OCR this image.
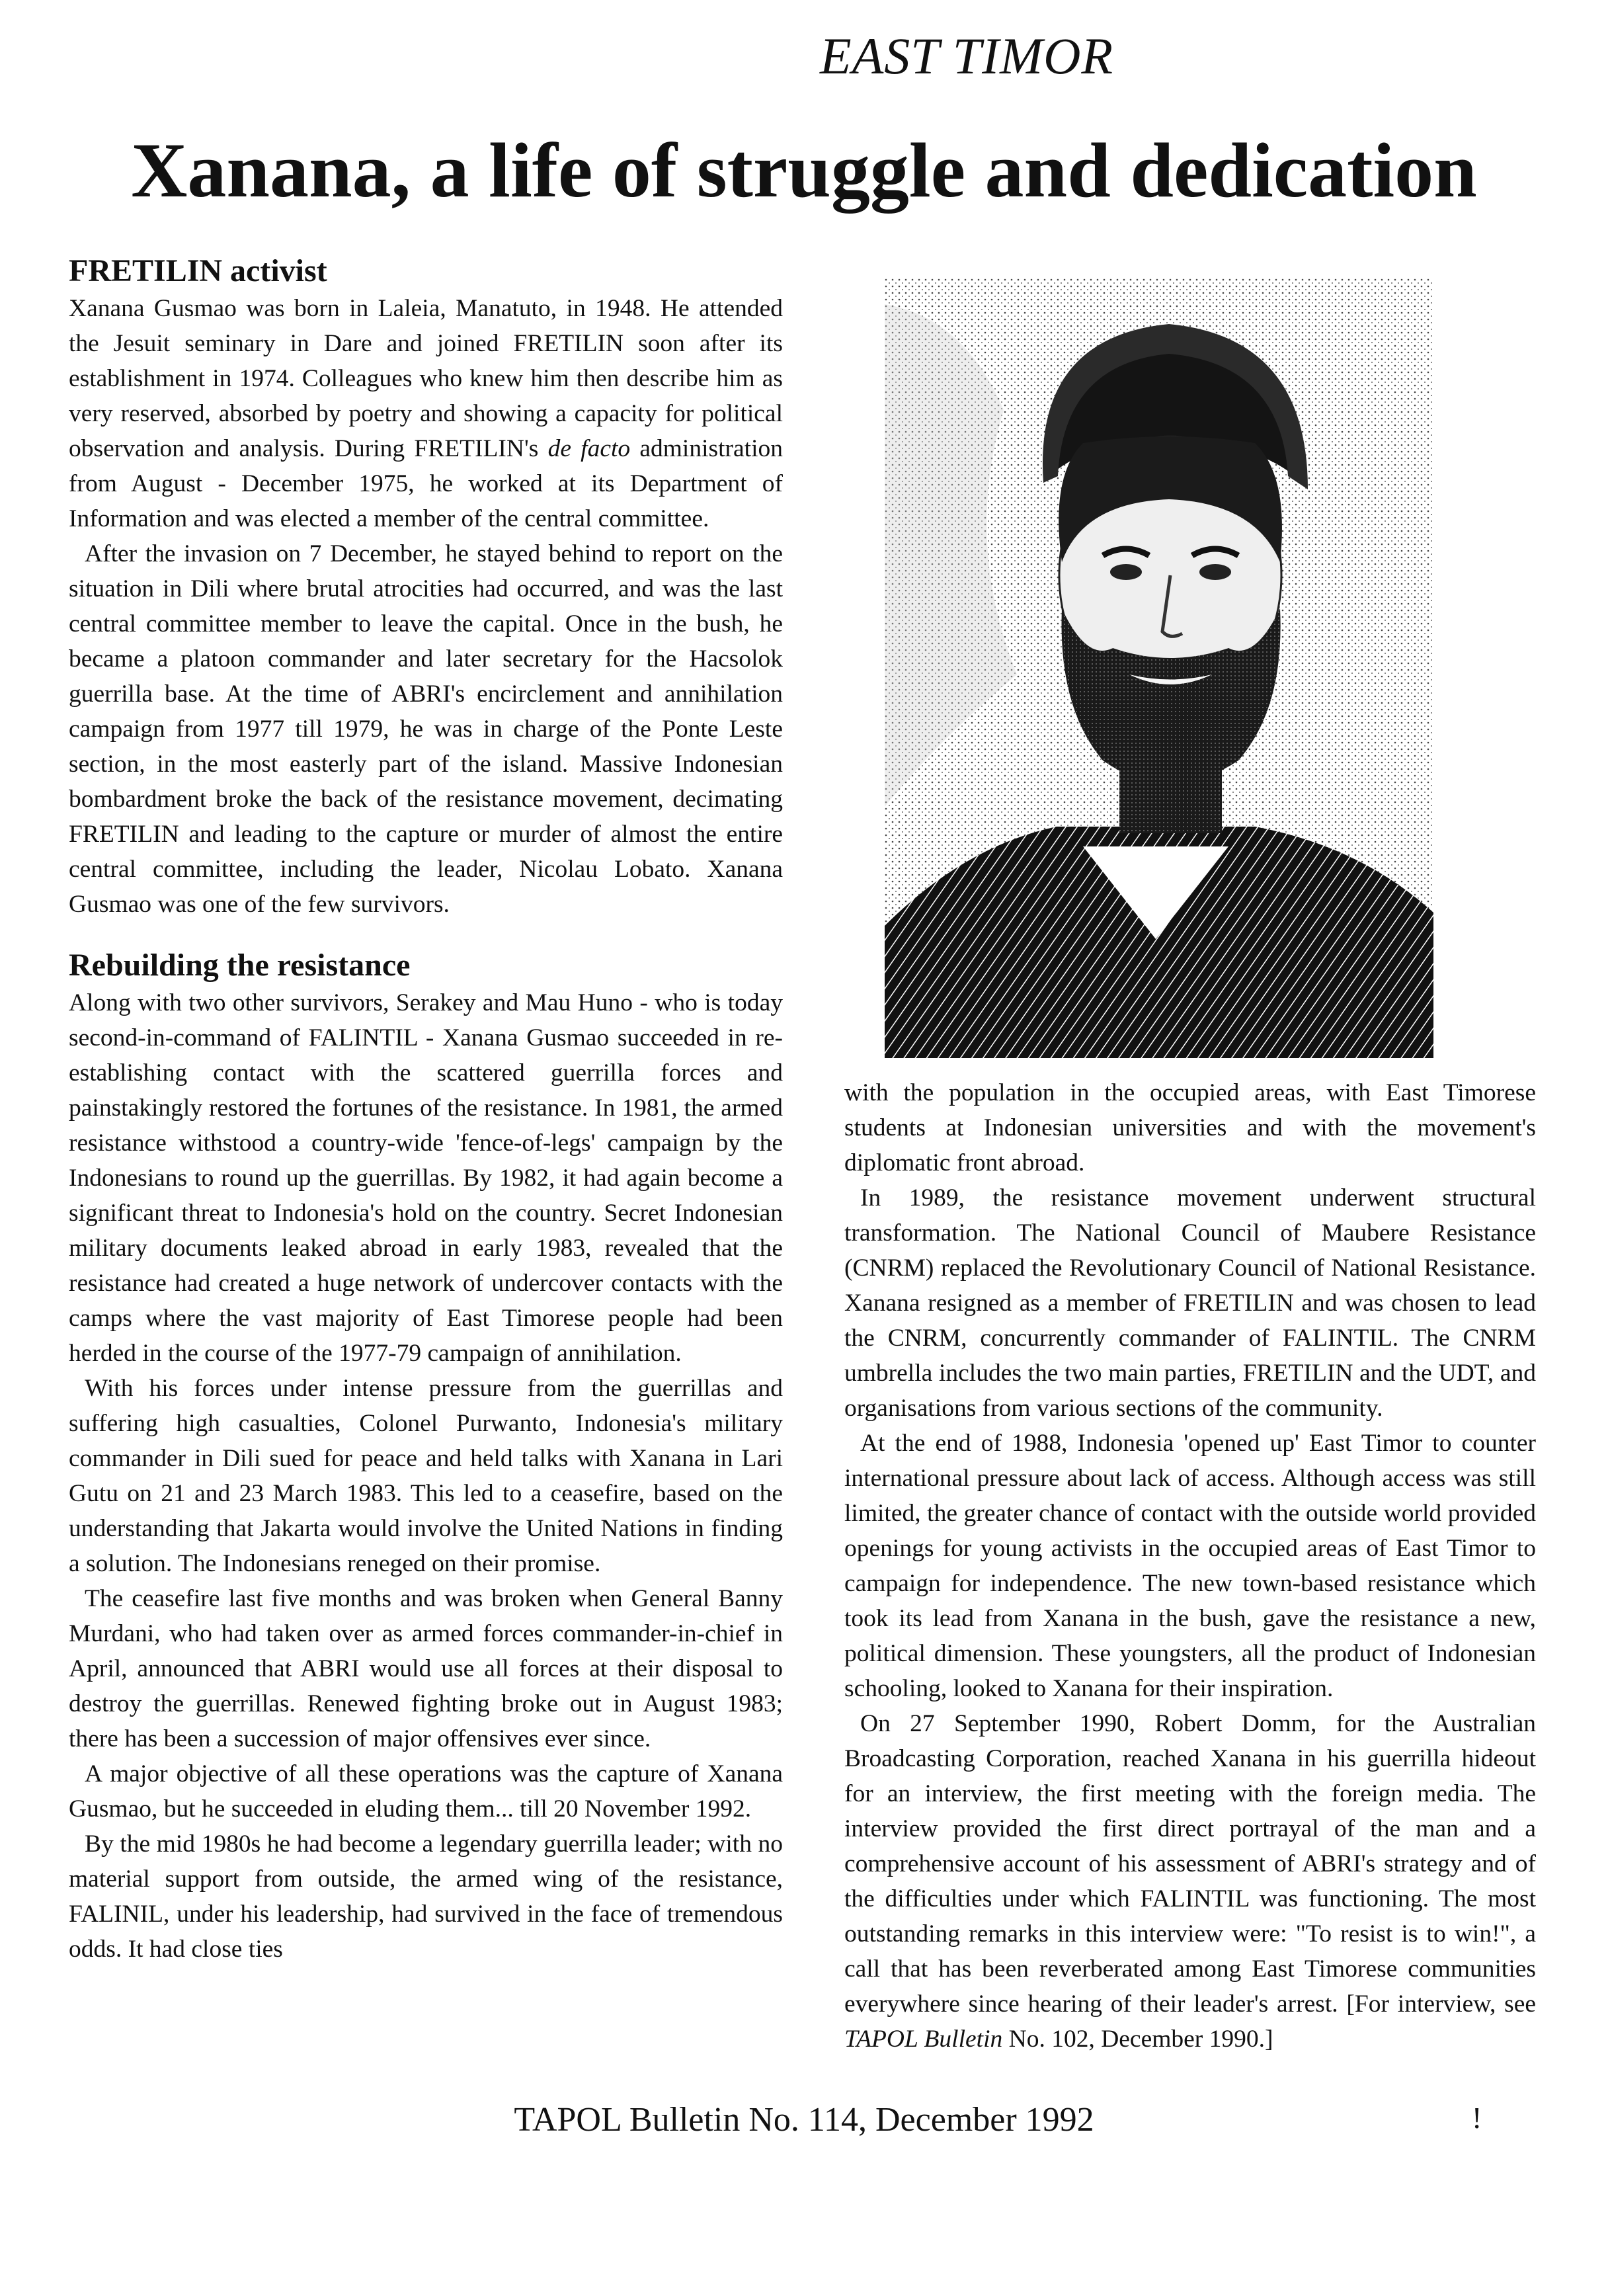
EAST TIMOR
Xanana, a life of struggle and dedication
FRETILIN activist

Xanana Gusmao was born in Laleia, Manatuto, in 1948. He attended the Jesuit seminary in Dare and joined FRETILIN soon after its establishment in 1974. Colleagues who knew him then describe him as very reserved, absorbed by poetry and showing a capacity for political observation and analysis. During FRETILIN's de facto administration from August - December 1975, he worked at its Department of Information and was elected a member of the central committee.

After the invasion on 7 December, he stayed behind to report on the situation in Dili where brutal atrocities had occurred, and was the last central committee member to leave the capital. Once in the bush, he became a platoon commander and later secretary for the Hacsolok guerrilla base. At the time of ABRI's encirclement and annihilation campaign from 1977 till 1979, he was in charge of the Ponte Leste section, in the most easterly part of the island. Massive Indonesian bombardment broke the back of the resistance movement, decimating FRETILIN and leading to the capture or murder of almost the entire central committee, including the leader, Nicolau Lobato. Xanana Gusmao was one of the few survivors.

Rebuilding the resistance

Along with two other survivors, Serakey and Mau Huno - who is today second-in-command of FALINTIL - Xanana Gusmao succeeded in re-establishing contact with the scattered guerrilla forces and painstakingly restored the fortunes of the resistance. In 1981, the armed resistance withstood a country-wide 'fence-of-legs' campaign by the Indonesians to round up the guerrillas. By 1982, it had again become a significant threat to Indonesia's hold on the country. Secret Indonesian military documents leaked abroad in early 1983, revealed that the resistance had created a huge network of undercover contacts with the camps where the vast majority of East Timorese people had been herded in the course of the 1977-79 campaign of annihilation.

With his forces under intense pressure from the guerrillas and suffering high casualties, Colonel Purwanto, Indonesia's military commander in Dili sued for peace and held talks with Xanana in Lari Gutu on 21 and 23 March 1983. This led to a ceasefire, based on the understanding that Jakarta would involve the United Nations in finding a solution. The Indonesians reneged on their promise.

The ceasefire last five months and was broken when General Banny Murdani, who had taken over as armed forces commander-in-chief in April, announced that ABRI would use all forces at their disposal to destroy the guerrillas. Renewed fighting broke out in August 1983; there has been a succession of major offensives ever since.

A major objective of all these operations was the capture of Xanana Gusmao, but he succeeded in eluding them... till 20 November 1992.

By the mid 1980s he had become a legendary guerrilla leader; with no material support from outside, the armed wing of the resistance, FALINIL, under his leadership, had survived in the face of tremendous odds. It had close ties

with the population in the occupied areas, with East Timorese students at Indonesian universities and with the movement's diplomatic front abroad.

In 1989, the resistance movement underwent structural transformation. The National Council of Maubere Resistance (CNRM) replaced the Revolutionary Council of National Resistance. Xanana resigned as a member of FRETILIN and was chosen to lead the CNRM, concurrently commander of FALINTIL. The CNRM umbrella includes the two main parties, FRETILIN and the UDT, and organisations from various sections of the community.

At the end of 1988, Indonesia 'opened up' East Timor to counter international pressure about lack of access. Although access was still limited, the greater chance of contact with the outside world provided openings for young activists in the occupied areas of East Timor to campaign for independence. The new town-based resistance which took its lead from Xanana in the bush, gave the resistance a new, political dimension. These youngsters, all the product of Indonesian schooling, looked to Xanana for their inspiration.

On 27 September 1990, Robert Domm, for the Australian Broadcasting Corporation, reached Xanana in his guerrilla hideout for an interview, the first meeting with the foreign media. The interview provided the first direct portrayal of the man and a comprehensive account of his assessment of ABRI's strategy and of the difficulties under which FALINTIL was functioning. The most outstanding remarks in this interview were: "To resist is to win!", a call that has been reverberated among East Timorese communities everywhere since hearing of their leader's arrest. [For interview, see TAPOL Bulletin No. 102, December 1990.]

TAPOL Bulletin No. 114, December 1992	!
